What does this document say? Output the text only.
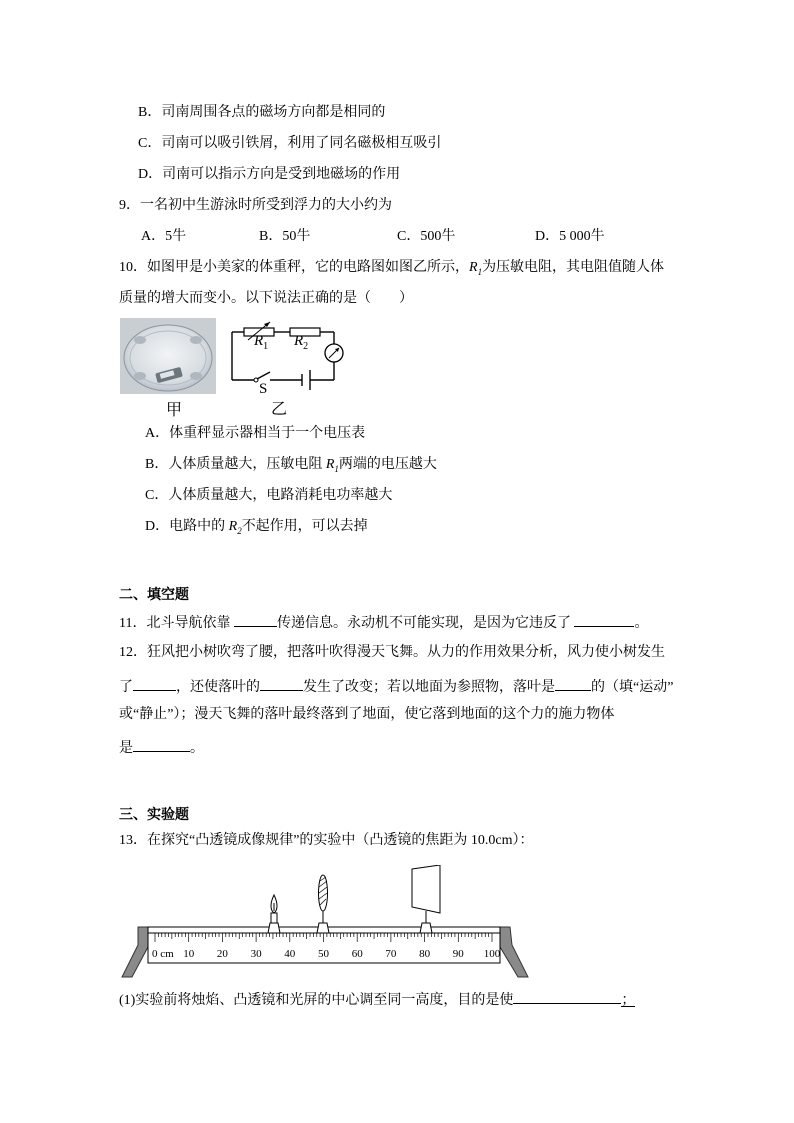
B．司南周围各点的磁场方向都是相同的
C．司南可以吸引铁屑，利用了同名磁极相互吸引
D．司南可以指示方向是受到地磁场的作用
9．一名初中生游泳时所受到浮力的大小约为
A．5牛	B．50牛	C．500牛	D．5 000牛
10．如图甲是小美家的体重秤，它的电路图如图乙所示，$R_1$为压敏电阻，其电阻值随人体
质量的增大而变小。以下说法正确的是（　　）
甲
$R_1$ $R_2$
S
乙
A．体重秤显示器相当于一个电压表
B．人体质量越大，压敏电阻 $R_1$两端的电压越大
C．人体质量越大，电路消耗电功率越大
D．电路中的 $R_2$不起作用，可以去掉
二、填空题
11．北斗导航依靠	传递信息。永动机不可能实现，是因为它违反了	。
12．狂风把小树吹弯了腰，把落叶吹得漫天飞舞。从力的作用效果分析，风力使小树发生
了	，还使落叶的	发生了改变；若以地面为参照物，落叶是	的（填“运动”
或“静止”）；漫天飞舞的落叶最终落到了地面，使它落到地面的这个力的施力物体
是	。
三、实验题
13．在探究“凸透镜成像规律”的实验中（凸透镜的焦距为 10.0cm）：
0 cm 10 20 30 40 50 60 70 80 90 100
(1)实验前将烛焰、凸透镜和光屏的中心调至同一高度，目的是使	；
